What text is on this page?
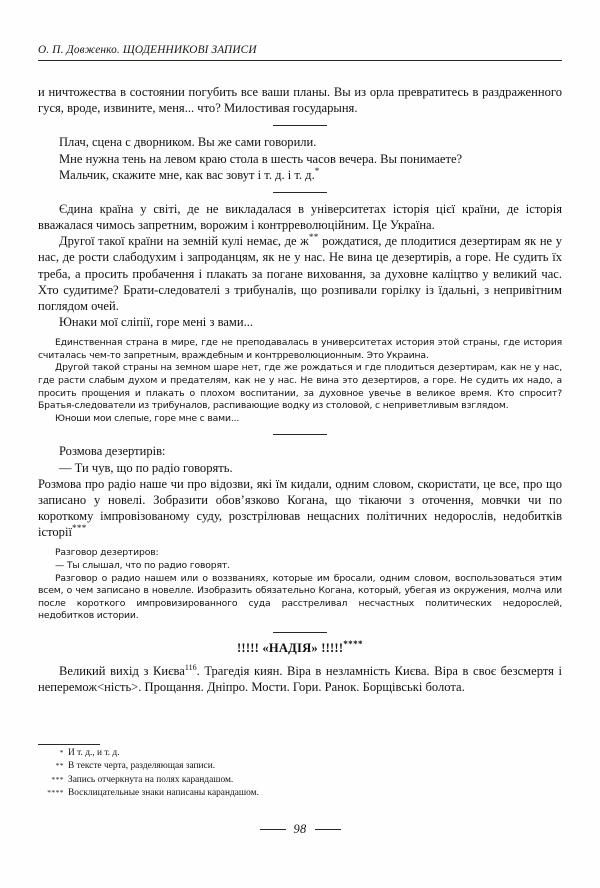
О. П. Довженко. ЩОДЕННИКОВІ ЗАПИСИ

и ничтожества в состоянии погубить все ваши планы. Вы из орла превратитесь в раздраженного гуся, вроде, извините, меня... что? Милостивая государыня.

Плач, сцена с дворником. Вы же сами говорили.

Мне нужна тень на левом краю стола в шесть часов вечера. Вы понимаете?

Мальчик, скажите мне, как вас зовут і т. д. і т. д.*

Єдина країна у світі, де не викладалася в університетах історія цієї країни, де історія вважалася чимось запретним, ворожим і контрреволюційним. Це Україна.

Другої такої країни на земній кулі немає, де ж** рождатися, де плодитися дезертирам як не у нас, де рости слабодухим і запроданцям, як не у нас. Не вина це дезертирів, а горе. Не судить їх треба, а просить пробачення і плакать за погане виховання, за духовне каліцтво у великий час. Хто судитиме? Брати-следователі з трибуналів, що розпивали горілку із їдальні, з непривітним поглядом очей.

Юнаки мої сліпії, горе мені з вами...

Единственная страна в мире, где не преподавалась в университетах история этой страны, где история считалась чем-то запретным, враждебным и контрреволюционным. Это Украина.

Другой такой страны на земном шаре нет, где же рождаться и где плодиться дезертирам, как не у нас, где расти слабым духом и предателям, как не у нас. Не вина это дезертиров, а горе. Не судить их надо, а просить прощения и плакать о плохом воспитании, за духовное увечье в великое время. Кто спросит? Братья-следователи из трибуналов, распивающие водку из столовой, с неприветливым взглядом.

Юноши мои слепые, горе мне с вами...

Розмова дезертирів:

— Ти чув, що по радіо говорять.

Розмова про радіо наше чи про відозви, які їм кидали, одним словом, скористати, це все, про що записано у новелі. Зобразити обов’язково Когана, що тікаючи з оточення, мовчки чи по короткому імпровізованому суду, розстрілював нещасних політичних недорослів, недобитків історії***

Разговор дезертиров:

— Ты слышал, что по радио говорят.

Разговор о радио нашем или о воззваниях, которые им бросали, одним словом, воспользоваться этим всем, о чем записано в новелле. Изобразить обязательно Когана, который, убегая из окружения, молча или после короткого импровизированного суда расстреливал несчастных политических недорослей, недобитков истории.

!!!!! «НАДІЯ» !!!!!****

Великий вихід з Києва$^{116}$. Трагедія киян. Віра в незламність Києва. Віра в своє безсмертя і неперемож<ність>. Прощання. Дніпро. Мости. Гори. Ранок. Борщівські болота.

* И т. д., и т. д.
** В тексте черта, разделяющая записи.
*** Запись отчеркнута на полях карандашом.
**** Восклицательные знаки написаны карандашом.
98
